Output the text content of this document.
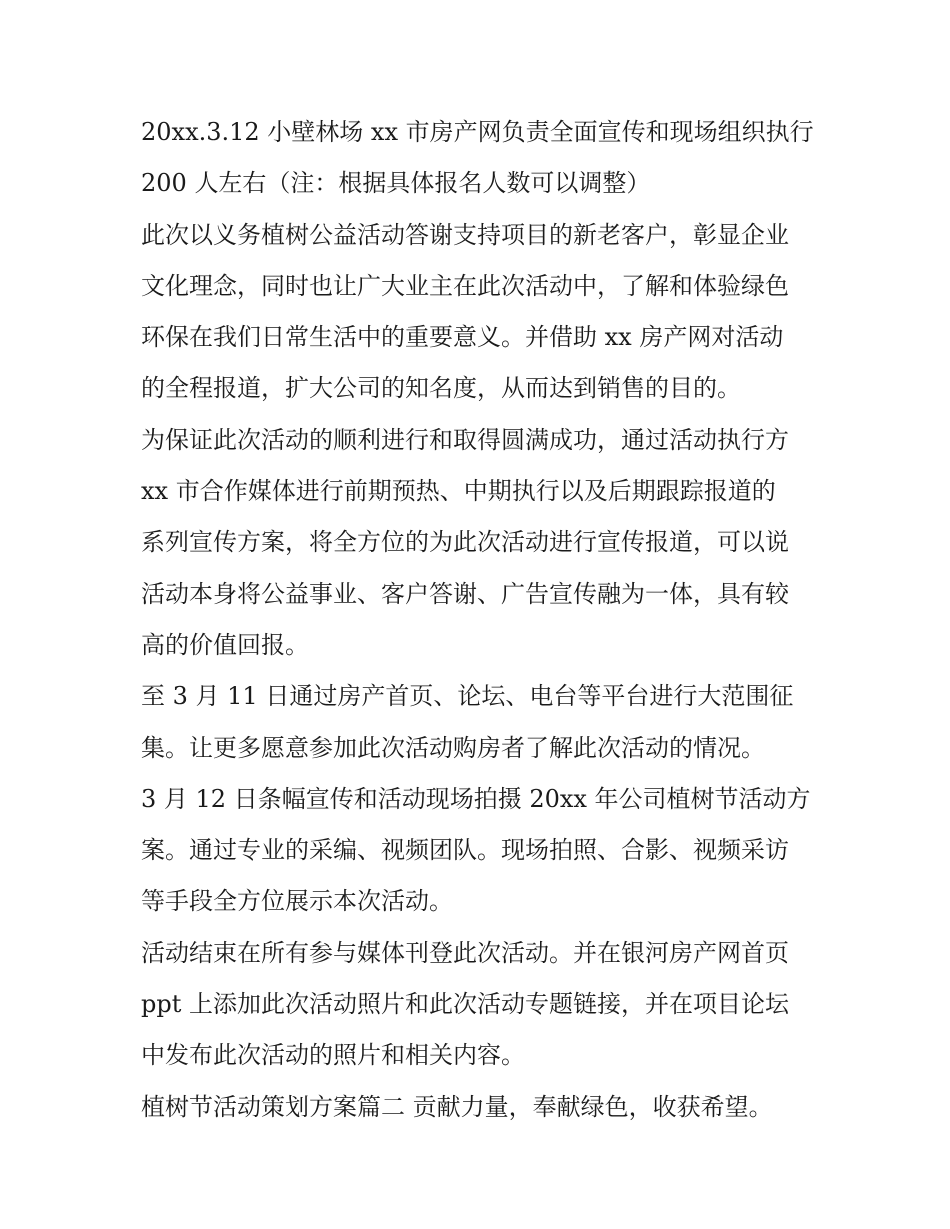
20xx.3.12 小壁林场 xx 市房产网负责全面宣传和现场组织执行

200 人左右（注：根据具体报名人数可以调整）

此次以义务植树公益活动答谢支持项目的新老客户，彰显企业
文化理念，同时也让广大业主在此次活动中，了解和体验绿色
环保在我们日常生活中的重要意义。并借助 xx 房产网对活动
的全程报道，扩大公司的知名度，从而达到销售的目的。

为保证此次活动的顺利进行和取得圆满成功，通过活动执行方
xx 市合作媒体进行前期预热、中期执行以及后期跟踪报道的
系列宣传方案，将全方位的为此次活动进行宣传报道，可以说
活动本身将公益事业、客户答谢、广告宣传融为一体，具有较
高的价值回报。

至 3 月 11 日通过房产首页、论坛、电台等平台进行大范围征
集。让更多愿意参加此次活动购房者了解此次活动的情况。

3 月 12 日条幅宣传和活动现场拍摄 20xx 年公司植树节活动方
案。通过专业的采编、视频团队。现场拍照、合影、视频采访
等手段全方位展示本次活动。

活动结束在所有参与媒体刊登此次活动。并在银河房产网首页
ppt 上添加此次活动照片和此次活动专题链接，并在项目论坛
中发布此次活动的照片和相关内容。

植树节活动策划方案篇二 贡献力量，奉献绿色，收获希望。
